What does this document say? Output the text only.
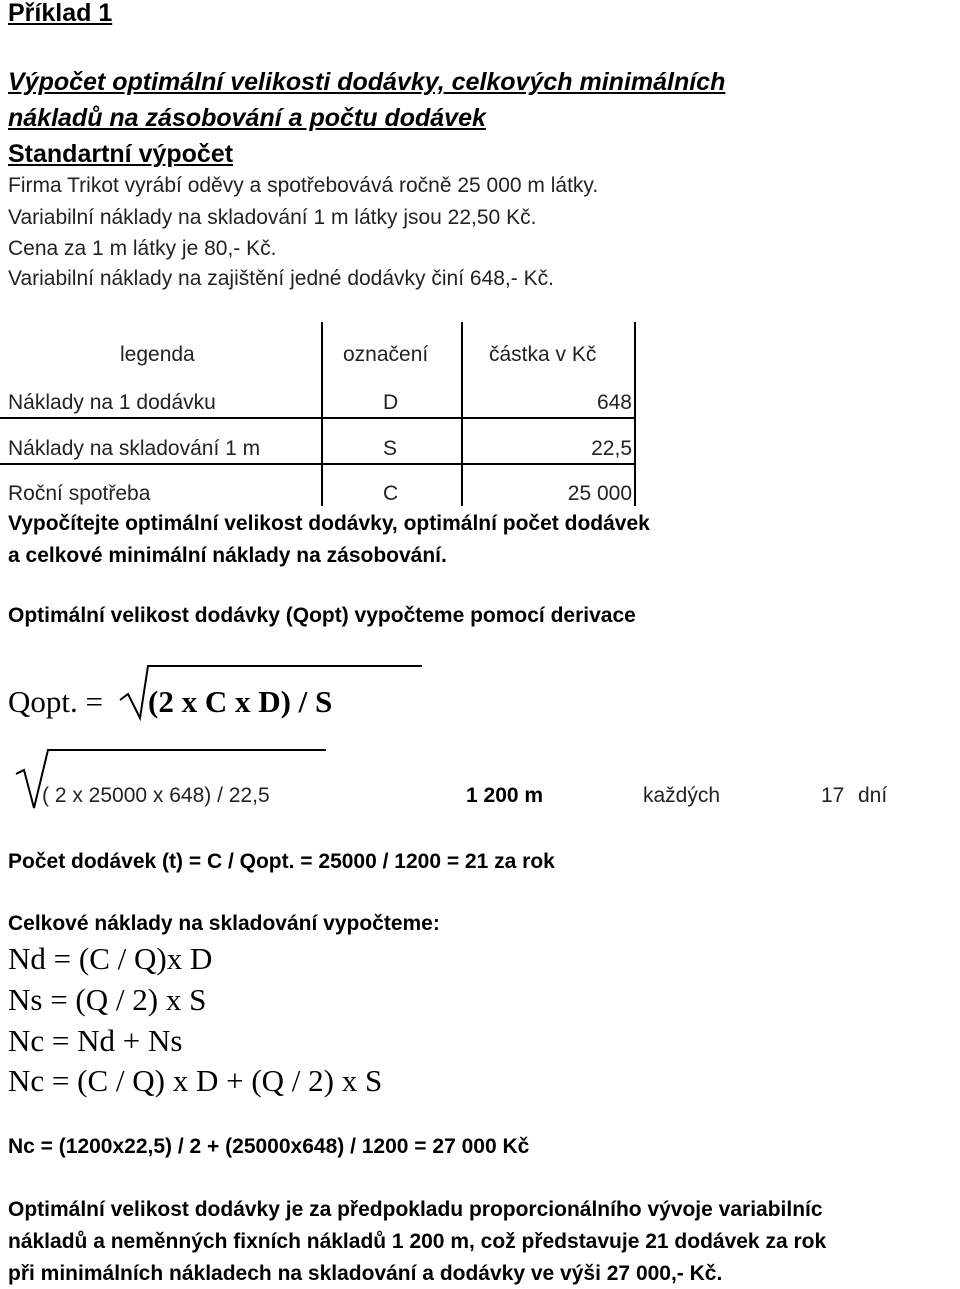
Příklad 1
Výpočet optimální velikosti dodávky, celkových minimálních
nákladů na zásobování a počtu dodávek
Standartní výpočet
Firma Trikot vyrábí oděvy a spotřebovává ročně 25 000 m látky.
Variabilní náklady na skladování 1 m látky jsou 22,50 Kč.
Cena za 1 m látky je 80,- Kč.
Variabilní náklady na zajištění jedné dodávky činí 648,- Kč.
legenda	označení	částka v Kč
Náklady na 1 dodávku	D	648
Náklady na skladování 1 m	S	22,5
Roční spotřeba	C	25 000
Vypočítejte optimální velikost dodávky, optimální počet dodávek
a celkové minimální náklady na zásobování.
Optimální velikost dodávky (Qopt) vypočteme pomocí derivace
Qopt. = (2 x C x D) / S
( 2 x 25000 x 648) / 22,5	1 200 m	každých	17 dní
Počet dodávek (t) = C / Qopt. = 25000 / 1200 = 21 za rok
Celkové náklady na skladování vypočteme:
Nd = (C / Q)x D
Ns = (Q / 2) x S
Nc = Nd + Ns
Nc = (C / Q) x D + (Q / 2) x S
Nc = (1200x22,5) / 2 + (25000x648) / 1200 = 27 000 Kč
Optimální velikost dodávky je za předpokladu proporcionálního vývoje variabilníc
nákladů a neměnných fixních nákladů 1 200 m, což představuje 21 dodávek za rok
při minimálních nákladech na skladování a dodávky ve výši 27 000,- Kč.
